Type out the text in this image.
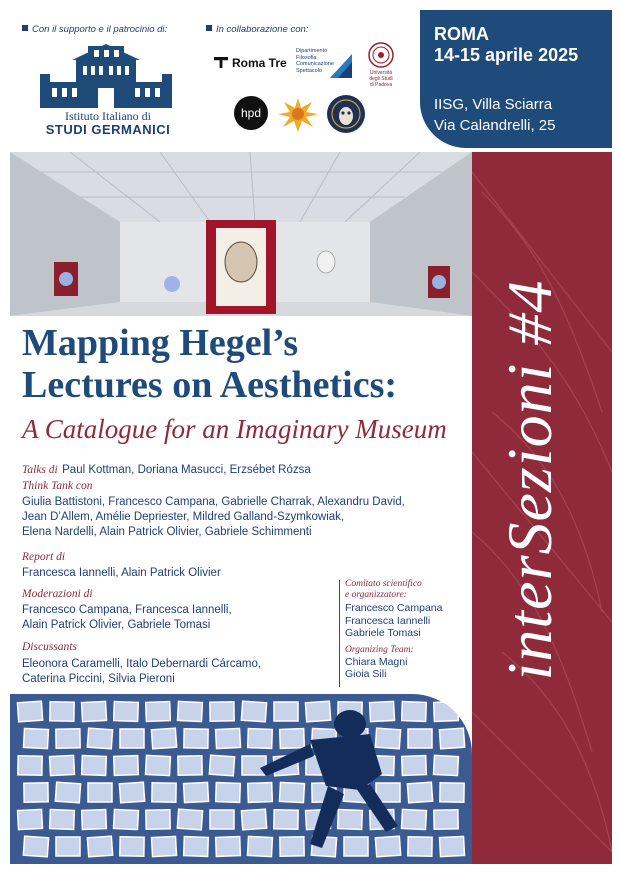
Con il supporto e il patrocinio di:	In collaborazione con:
Istituto Italiano di
STUDI GERMANICI
Roma Tre
Dipartimento
Filosofia
Comunicazione
Spettacolo	Università
degli Studi
di Padova
hpd
ROMA
14-15 aprile 2025
IISG, Villa Sciarra
Via Calandrelli, 25
interSezioni #4
Mapping Hegel’s
Lectures on Aesthetics:
A Catalogue for an Imaginary Museum
Talks di Paul Kottman, Doriana Masucci, Erzsébet Rózsa
Think Tank con
Giulia Battistoni, Francesco Campana, Gabrielle Charrak, Alexandru David,
Jean D’Allem, Amélie Depriester, Mildred Galland-Szymkowiak,
Elena Nardelli, Alain Patrick Olivier, Gabriele Schimmenti
Report di
Francesca Iannelli, Alain Patrick Olivier
Moderazioni di
Francesco Campana, Francesca Iannelli,
Alain Patrick Olivier, Gabriele Tomasi
Discussants
Eleonora Caramelli, Italo Debernardi Cárcamo,
Caterina Piccini, Silvia Pieroni
Comitato scientifico
e organizzatore:
Francesco Campana
Francesca Iannelli
Gabriele Tomasi
Organizing Team:
Chiara Magni
Gioia Sili
